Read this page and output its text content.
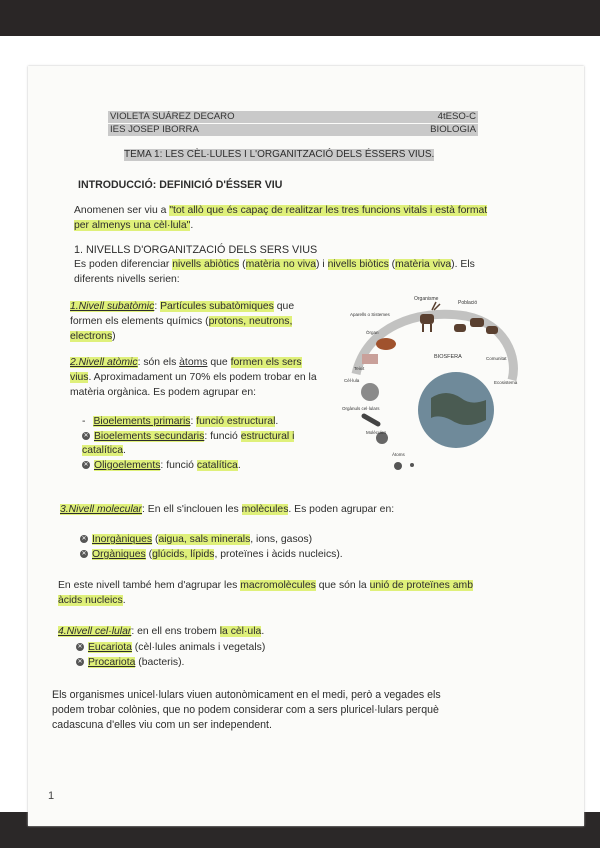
VIOLETA SUÁREZ DECARO	4tESO-C
IES JOSEP IBORRA	BIOLOGIA
TEMA 1: LES CÈL·LULES I L'ORGANITZACIÓ DELS ÉSSERS VIUS.
INTRODUCCIÓ: DEFINICIÓ D'ÉSSER VIU
Anomenen ser viu a "tot allò que és capaç de realitzar les tres funcions vitals i està format
per almenys una cèl·lula".
1. NIVELLS D'ORGANITZACIÓ DELS SERS VIUS
Es poden diferenciar nivells abiòtics (matèria no viva) i nivells biòtics (matèria viva). Els
diferents nivells serien:
1.Nivell subatòmic: Partícules subatòmiques que
formen els elements químics (protons, neutrons,
electrons)
2.Nivell atòmic: són els àtoms que formen els sers
vius. Aproximadament un 70% els podem trobar en la
matèria orgànica. Es podem agrupar en:
- Bioelements primaris: funció estructural.
✕ Bioelements secundaris: funció estructural i
catalítica.
✕ Oligoelements: funció catalítica.
3.Nivell molecular: En ell s'inclouen les molècules. Es poden agrupar en:
✕ Inorgàniques (aigua, sals minerals, ions, gasos)
✕ Orgàniques (glúcids, lípids, proteïnes i àcids nucleics).
En este nivell també hem d'agrupar les macromolècules que són la unió de proteïnes amb
àcids nucleics.
4.Nivell cel·lular: en ell ens trobem la cèl·ula.
✕ Eucariota (cèl·lules animals i vegetals)
✕ Procariota (bacteris).
Els organismes unicel·lulars viuen autonòmicament en el medi, però a vegades els
podem trobar colònies, que no podem considerar com a sers pluricel·lulars perquè
cadascuna d'elles viu com un ser independent.
1
Organisme
Població
Aparells o Sistemes
Òrgan
Comunitat
Teixit
BIOSFERA
Ecosistema
Cèl·lula
Orgànuls cel·lulars
Molècules
Àtoms
